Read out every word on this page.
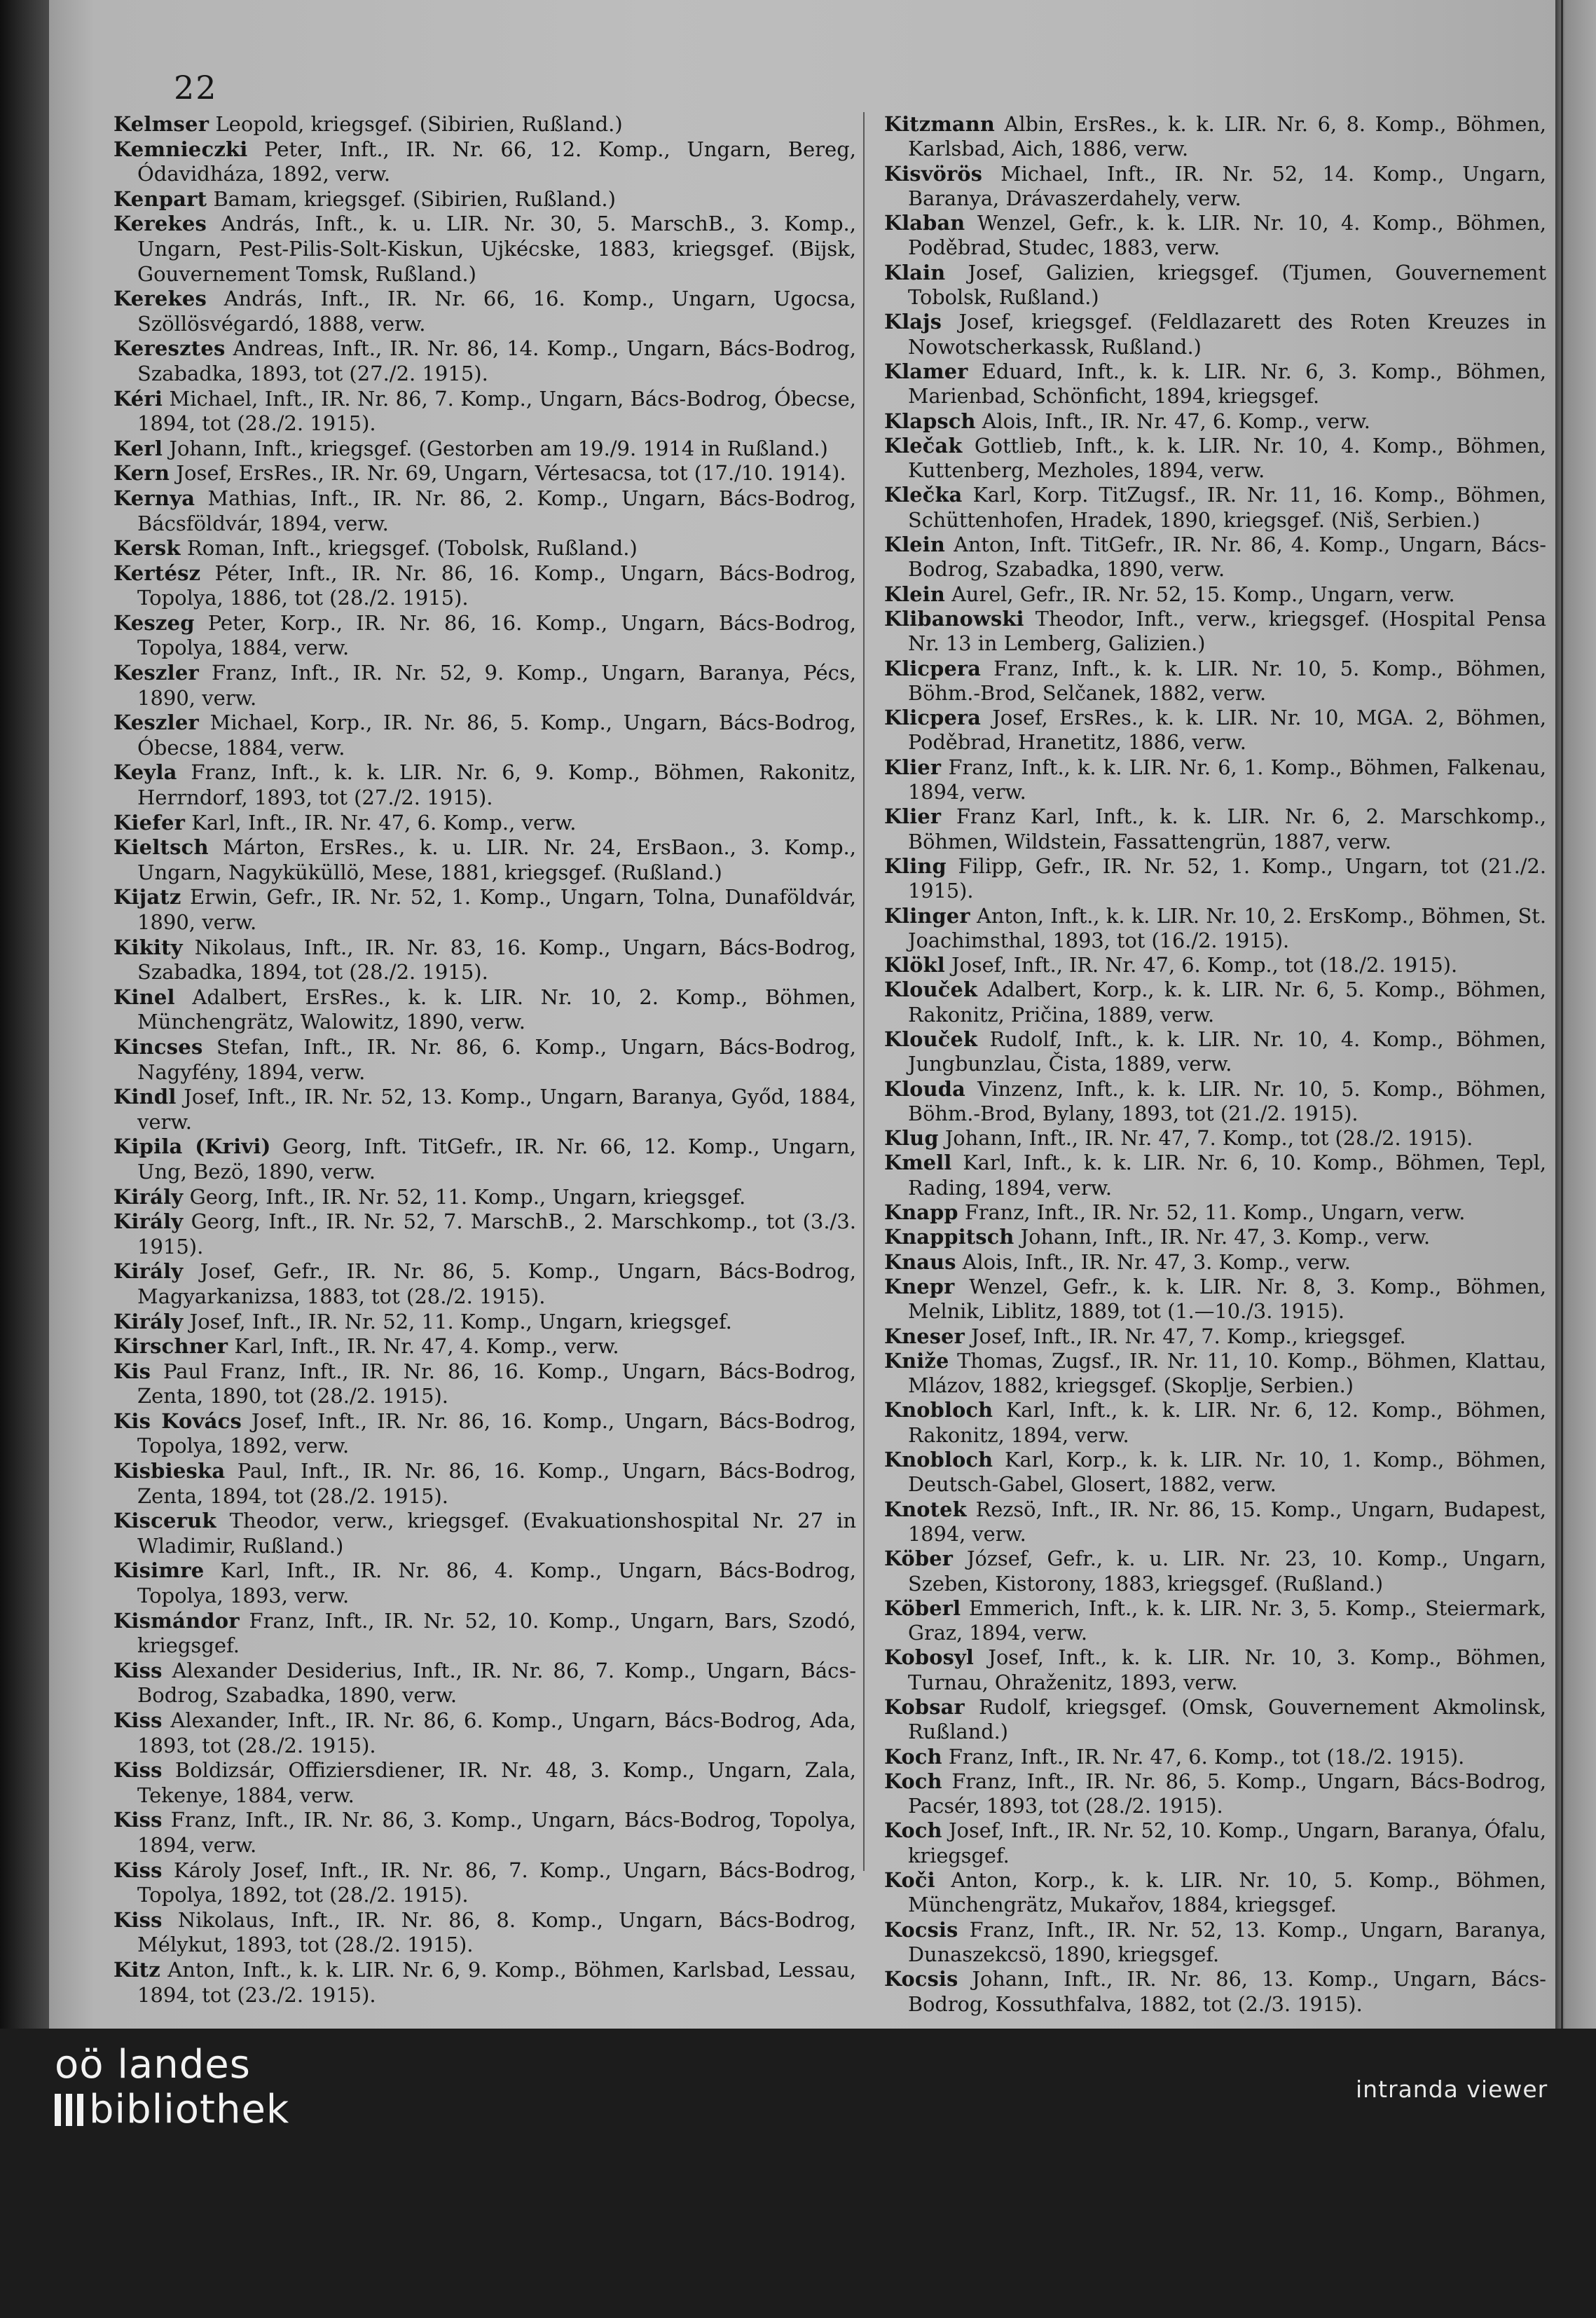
22
Kelmser Leopold, kriegsgef. (Sibirien, Rußland.)
Kemnieczki Peter, Inft., IR. Nr. 66, 12. Komp., Ungarn, Bereg, Ódavidháza, 1892, verw.
Kenpart Bamam, kriegsgef. (Sibirien, Rußland.)
Kerekes András, Inft., k. u. LIR. Nr. 30, 5. MarschB., 3. Komp., Ungarn, Pest-Pilis-Solt-Kiskun, Ujkécske, 1883, kriegsgef. (Bijsk, Gouvernement Tomsk, Rußland.)
Kerekes András, Inft., IR. Nr. 66, 16. Komp., Ungarn, Ugocsa, Szöllösvégardó, 1888, verw.
Keresztes Andreas, Inft., IR. Nr. 86, 14. Komp., Ungarn, Bács-Bodrog, Szabadka, 1893, tot (27./2. 1915).
Kéri Michael, Inft., IR. Nr. 86, 7. Komp., Ungarn, Bács-Bodrog, Óbecse, 1894, tot (28./2. 1915).
Kerl Johann, Inft., kriegsgef. (Gestorben am 19./9. 1914 in Rußland.)
Kern Josef, ErsRes., IR. Nr. 69, Ungarn, Vértesacsa, tot (17./10. 1914).
Kernya Mathias, Inft., IR. Nr. 86, 2. Komp., Ungarn, Bács-Bodrog, Bácsföldvár, 1894, verw.
Kersk Roman, Inft., kriegsgef. (Tobolsk, Rußland.)
Kertész Péter, Inft., IR. Nr. 86, 16. Komp., Ungarn, Bács-Bodrog, Topolya, 1886, tot (28./2. 1915).
Keszeg Peter, Korp., IR. Nr. 86, 16. Komp., Ungarn, Bács-Bodrog, Topolya, 1884, verw.
Keszler Franz, Inft., IR. Nr. 52, 9. Komp., Ungarn, Baranya, Pécs, 1890, verw.
Keszler Michael, Korp., IR. Nr. 86, 5. Komp., Ungarn, Bács-Bodrog, Óbecse, 1884, verw.
Keyla Franz, Inft., k. k. LIR. Nr. 6, 9. Komp., Böhmen, Rakonitz, Herrndorf, 1893, tot (27./2. 1915).
Kiefer Karl, Inft., IR. Nr. 47, 6. Komp., verw.
Kieltsch Márton, ErsRes., k. u. LIR. Nr. 24, ErsBaon., 3. Komp., Ungarn, Nagyküküllö, Mese, 1881, kriegsgef. (Rußland.)
Kijatz Erwin, Gefr., IR. Nr. 52, 1. Komp., Ungarn, Tolna, Dunaföldvár, 1890, verw.
Kikity Nikolaus, Inft., IR. Nr. 83, 16. Komp., Ungarn, Bács-Bodrog, Szabadka, 1894, tot (28./2. 1915).
Kinel Adalbert, ErsRes., k. k. LIR. Nr. 10, 2. Komp., Böhmen, Münchengrätz, Walowitz, 1890, verw.
Kincses Stefan, Inft., IR. Nr. 86, 6. Komp., Ungarn, Bács-Bodrog, Nagyfény, 1894, verw.
Kindl Josef, Inft., IR. Nr. 52, 13. Komp., Ungarn, Baranya, Győd, 1884, verw.
Kipila (Krivi) Georg, Inft. TitGefr., IR. Nr. 66, 12. Komp., Ungarn, Ung, Bezö, 1890, verw.
Király Georg, Inft., IR. Nr. 52, 11. Komp., Ungarn, kriegsgef.
Király Georg, Inft., IR. Nr. 52, 7. MarschB., 2. Marschkomp., tot (3./3. 1915).
Király Josef, Gefr., IR. Nr. 86, 5. Komp., Ungarn, Bács-Bodrog, Magyarkanizsa, 1883, tot (28./2. 1915).
Király Josef, Inft., IR. Nr. 52, 11. Komp., Ungarn, kriegsgef.
Kirschner Karl, Inft., IR. Nr. 47, 4. Komp., verw.
Kis Paul Franz, Inft., IR. Nr. 86, 16. Komp., Ungarn, Bács-Bodrog, Zenta, 1890, tot (28./2. 1915).
Kis Kovács Josef, Inft., IR. Nr. 86, 16. Komp., Ungarn, Bács-Bodrog, Topolya, 1892, verw.
Kisbieska Paul, Inft., IR. Nr. 86, 16. Komp., Ungarn, Bács-Bodrog, Zenta, 1894, tot (28./2. 1915).
Kisceruk Theodor, verw., kriegsgef. (Evakuationshospital Nr. 27 in Wladimir, Rußland.)
Kisimre Karl, Inft., IR. Nr. 86, 4. Komp., Ungarn, Bács-Bodrog, Topolya, 1893, verw.
Kismándor Franz, Inft., IR. Nr. 52, 10. Komp., Ungarn, Bars, Szodó, kriegsgef.
Kiss Alexander Desiderius, Inft., IR. Nr. 86, 7. Komp., Ungarn, Bács-Bodrog, Szabadka, 1890, verw.
Kiss Alexander, Inft., IR. Nr. 86, 6. Komp., Ungarn, Bács-Bodrog, Ada, 1893, tot (28./2. 1915).
Kiss Boldizsár, Offiziersdiener, IR. Nr. 48, 3. Komp., Ungarn, Zala, Tekenye, 1884, verw.
Kiss Franz, Inft., IR. Nr. 86, 3. Komp., Ungarn, Bács-Bodrog, Topolya, 1894, verw.
Kiss Károly Josef, Inft., IR. Nr. 86, 7. Komp., Ungarn, Bács-Bodrog, Topolya, 1892, tot (28./2. 1915).
Kiss Nikolaus, Inft., IR. Nr. 86, 8. Komp., Ungarn, Bács-Bodrog, Mélykut, 1893, tot (28./2. 1915).
Kitz Anton, Inft., k. k. LIR. Nr. 6, 9. Komp., Böhmen, Karlsbad, Lessau, 1894, tot (23./2. 1915).
Kitzmann Albin, ErsRes., k. k. LIR. Nr. 6, 8. Komp., Böhmen, Karlsbad, Aich, 1886, verw.
Kisvörös Michael, Inft., IR. Nr. 52, 14. Komp., Ungarn, Baranya, Drávaszerdahely, verw.
Klaban Wenzel, Gefr., k. k. LIR. Nr. 10, 4. Komp., Böhmen, Poděbrad, Studec, 1883, verw.
Klain Josef, Galizien, kriegsgef. (Tjumen, Gouvernement Tobolsk, Rußland.)
Klajs Josef, kriegsgef. (Feldlazarett des Roten Kreuzes in Nowotscherkassk, Rußland.)
Klamer Eduard, Inft., k. k. LIR. Nr. 6, 3. Komp., Böhmen, Marienbad, Schönficht, 1894, kriegsgef.
Klapsch Alois, Inft., IR. Nr. 47, 6. Komp., verw.
Klečak Gottlieb, Inft., k. k. LIR. Nr. 10, 4. Komp., Böhmen, Kuttenberg, Mezholes, 1894, verw.
Klečka Karl, Korp. TitZugsf., IR. Nr. 11, 16. Komp., Böhmen, Schüttenhofen, Hradek, 1890, kriegsgef. (Niš, Serbien.)
Klein Anton, Inft. TitGefr., IR. Nr. 86, 4. Komp., Ungarn, Bács-Bodrog, Szabadka, 1890, verw.
Klein Aurel, Gefr., IR. Nr. 52, 15. Komp., Ungarn, verw.
Klibanowski Theodor, Inft., verw., kriegsgef. (Hospital Pensa Nr. 13 in Lemberg, Galizien.)
Klicpera Franz, Inft., k. k. LIR. Nr. 10, 5. Komp., Böhmen, Böhm.-Brod, Selčanek, 1882, verw.
Klicpera Josef, ErsRes., k. k. LIR. Nr. 10, MGA. 2, Böhmen, Poděbrad, Hranetitz, 1886, verw.
Klier Franz, Inft., k. k. LIR. Nr. 6, 1. Komp., Böhmen, Falkenau, 1894, verw.
Klier Franz Karl, Inft., k. k. LIR. Nr. 6, 2. Marschkomp., Böhmen, Wildstein, Fassattengrün, 1887, verw.
Kling Filipp, Gefr., IR. Nr. 52, 1. Komp., Ungarn, tot (21./2. 1915).
Klinger Anton, Inft., k. k. LIR. Nr. 10, 2. ErsKomp., Böhmen, St. Joachimsthal, 1893, tot (16./2. 1915).
Klökl Josef, Inft., IR. Nr. 47, 6. Komp., tot (18./2. 1915).
Klouček Adalbert, Korp., k. k. LIR. Nr. 6, 5. Komp., Böhmen, Rakonitz, Pričina, 1889, verw.
Klouček Rudolf, Inft., k. k. LIR. Nr. 10, 4. Komp., Böhmen, Jungbunzlau, Čista, 1889, verw.
Klouda Vinzenz, Inft., k. k. LIR. Nr. 10, 5. Komp., Böhmen, Böhm.-Brod, Bylany, 1893, tot (21./2. 1915).
Klug Johann, Inft., IR. Nr. 47, 7. Komp., tot (28./2. 1915).
Kmell Karl, Inft., k. k. LIR. Nr. 6, 10. Komp., Böhmen, Tepl, Rading, 1894, verw.
Knapp Franz, Inft., IR. Nr. 52, 11. Komp., Ungarn, verw.
Knappitsch Johann, Inft., IR. Nr. 47, 3. Komp., verw.
Knaus Alois, Inft., IR. Nr. 47, 3. Komp., verw.
Knepr Wenzel, Gefr., k. k. LIR. Nr. 8, 3. Komp., Böhmen, Melnik, Liblitz, 1889, tot (1.—10./3. 1915).
Kneser Josef, Inft., IR. Nr. 47, 7. Komp., kriegsgef.
Kniže Thomas, Zugsf., IR. Nr. 11, 10. Komp., Böhmen, Klattau, Mlázov, 1882, kriegsgef. (Skoplje, Serbien.)
Knobloch Karl, Inft., k. k. LIR. Nr. 6, 12. Komp., Böhmen, Rakonitz, 1894, verw.
Knobloch Karl, Korp., k. k. LIR. Nr. 10, 1. Komp., Böhmen, Deutsch-Gabel, Glosert, 1882, verw.
Knotek Rezsö, Inft., IR. Nr. 86, 15. Komp., Ungarn, Budapest, 1894, verw.
Köber József, Gefr., k. u. LIR. Nr. 23, 10. Komp., Ungarn, Szeben, Kistorony, 1883, kriegsgef. (Rußland.)
Köberl Emmerich, Inft., k. k. LIR. Nr. 3, 5. Komp., Steiermark, Graz, 1894, verw.
Kobosyl Josef, Inft., k. k. LIR. Nr. 10, 3. Komp., Böhmen, Turnau, Ohraženitz, 1893, verw.
Kobsar Rudolf, kriegsgef. (Omsk, Gouvernement Akmolinsk, Rußland.)
Koch Franz, Inft., IR. Nr. 47, 6. Komp., tot (18./2. 1915).
Koch Franz, Inft., IR. Nr. 86, 5. Komp., Ungarn, Bács-Bodrog, Pacsér, 1893, tot (28./2. 1915).
Koch Josef, Inft., IR. Nr. 52, 10. Komp., Ungarn, Baranya, Ófalu, kriegsgef.
Koči Anton, Korp., k. k. LIR. Nr. 10, 5. Komp., Böhmen, Münchengrätz, Mukařov, 1884, kriegsgef.
Kocsis Franz, Inft., IR. Nr. 52, 13. Komp., Ungarn, Baranya, Dunaszekcsö, 1890, kriegsgef.
Kocsis Johann, Inft., IR. Nr. 86, 13. Komp., Ungarn, Bács-Bodrog, Kossuthfalva, 1882, tot (2./3. 1915).
oö landes
bibliothek	intranda viewer
